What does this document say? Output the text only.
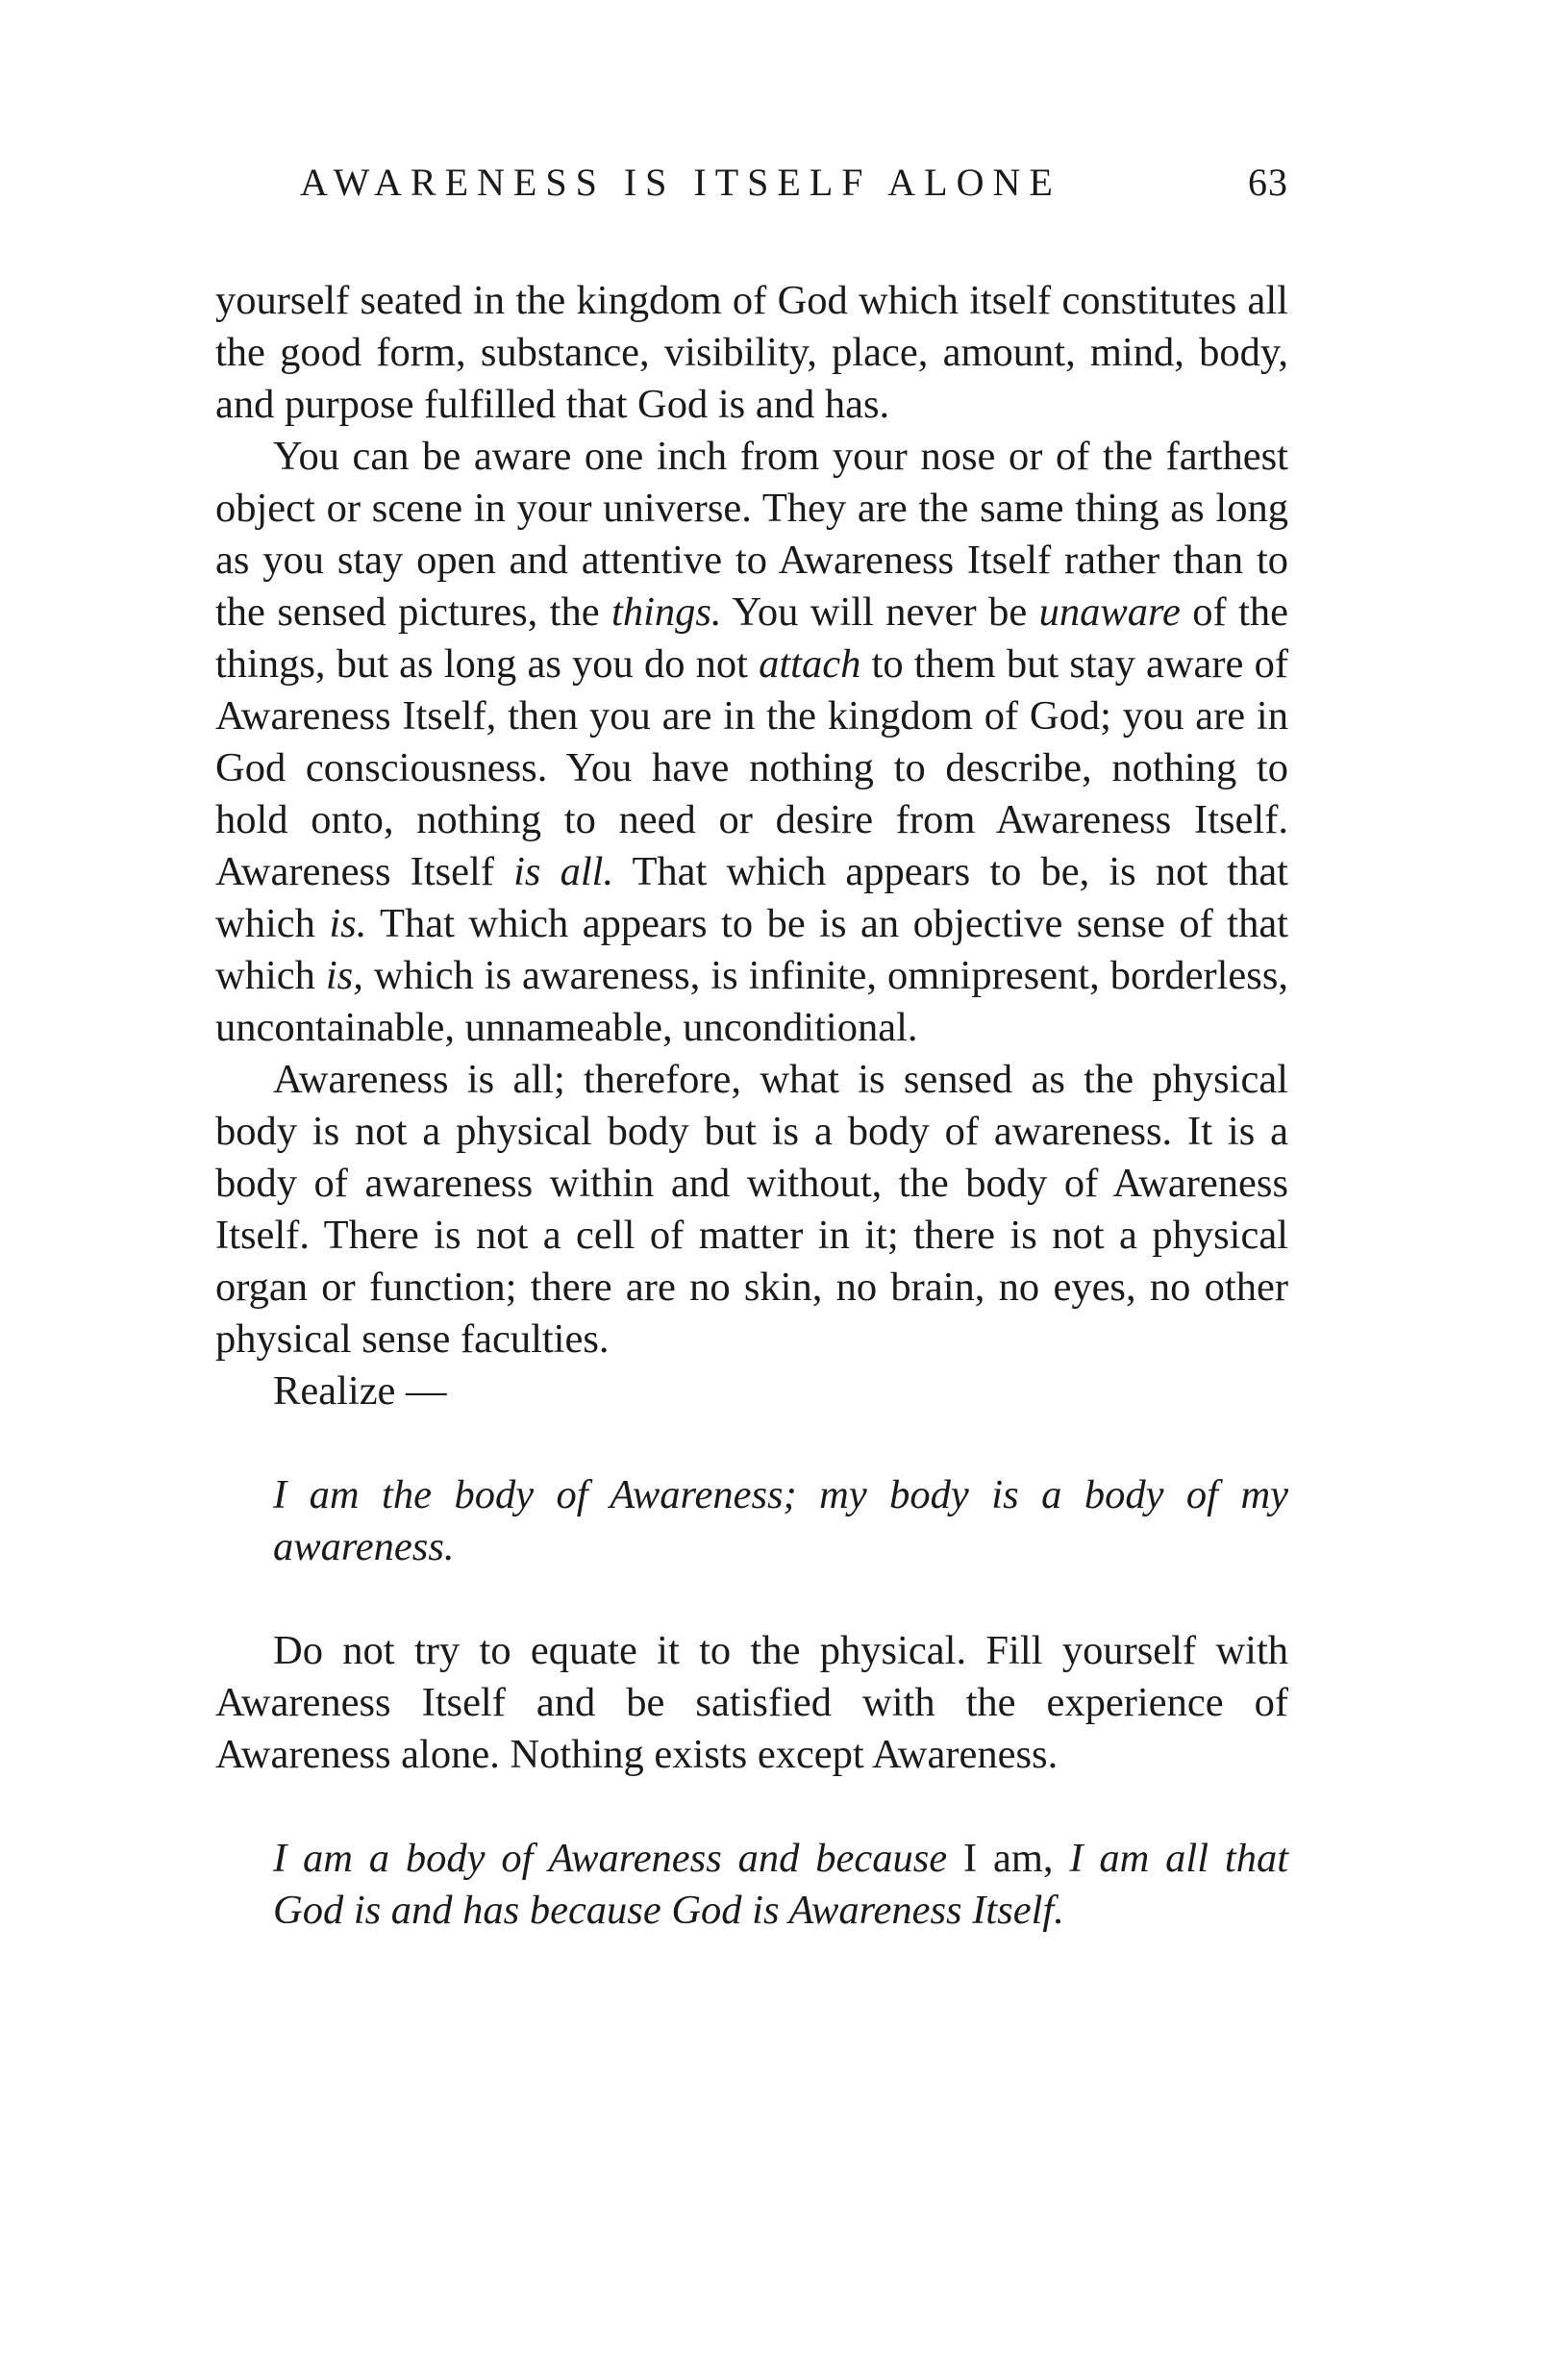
AWARENESS IS ITSELF ALONE	63

yourself seated in the kingdom of God which itself constitutes all the good form, substance, visibility, place, amount, mind, body, and purpose fulfilled that God is and has.

You can be aware one inch from your nose or of the farthest object or scene in your universe. They are the same thing as long as you stay open and attentive to Awareness Itself rather than to the sensed pictures, the things. You will never be unaware of the things, but as long as you do not attach to them but stay aware of Awareness Itself, then you are in the kingdom of God; you are in God consciousness. You have nothing to describe, nothing to hold onto, nothing to need or desire from Awareness Itself. Awareness Itself is all. That which appears to be, is not that which is. That which appears to be is an objective sense of that which is, which is awareness, is infinite, omnipresent, borderless, uncontainable, unnameable, unconditional.

Awareness is all; therefore, what is sensed as the physical body is not a physical body but is a body of awareness. It is a body of awareness within and without, the body of Awareness Itself. There is not a cell of matter in it; there is not a physical organ or function; there are no skin, no brain, no eyes, no other physical sense faculties.

Realize —

I am the body of Awareness; my body is a body of my awareness.

Do not try to equate it to the physical. Fill yourself with Awareness Itself and be satisfied with the experience of Awareness alone. Nothing exists except Awareness.

I am a body of Awareness and because I am, I am all that God is and has because God is Awareness Itself.
